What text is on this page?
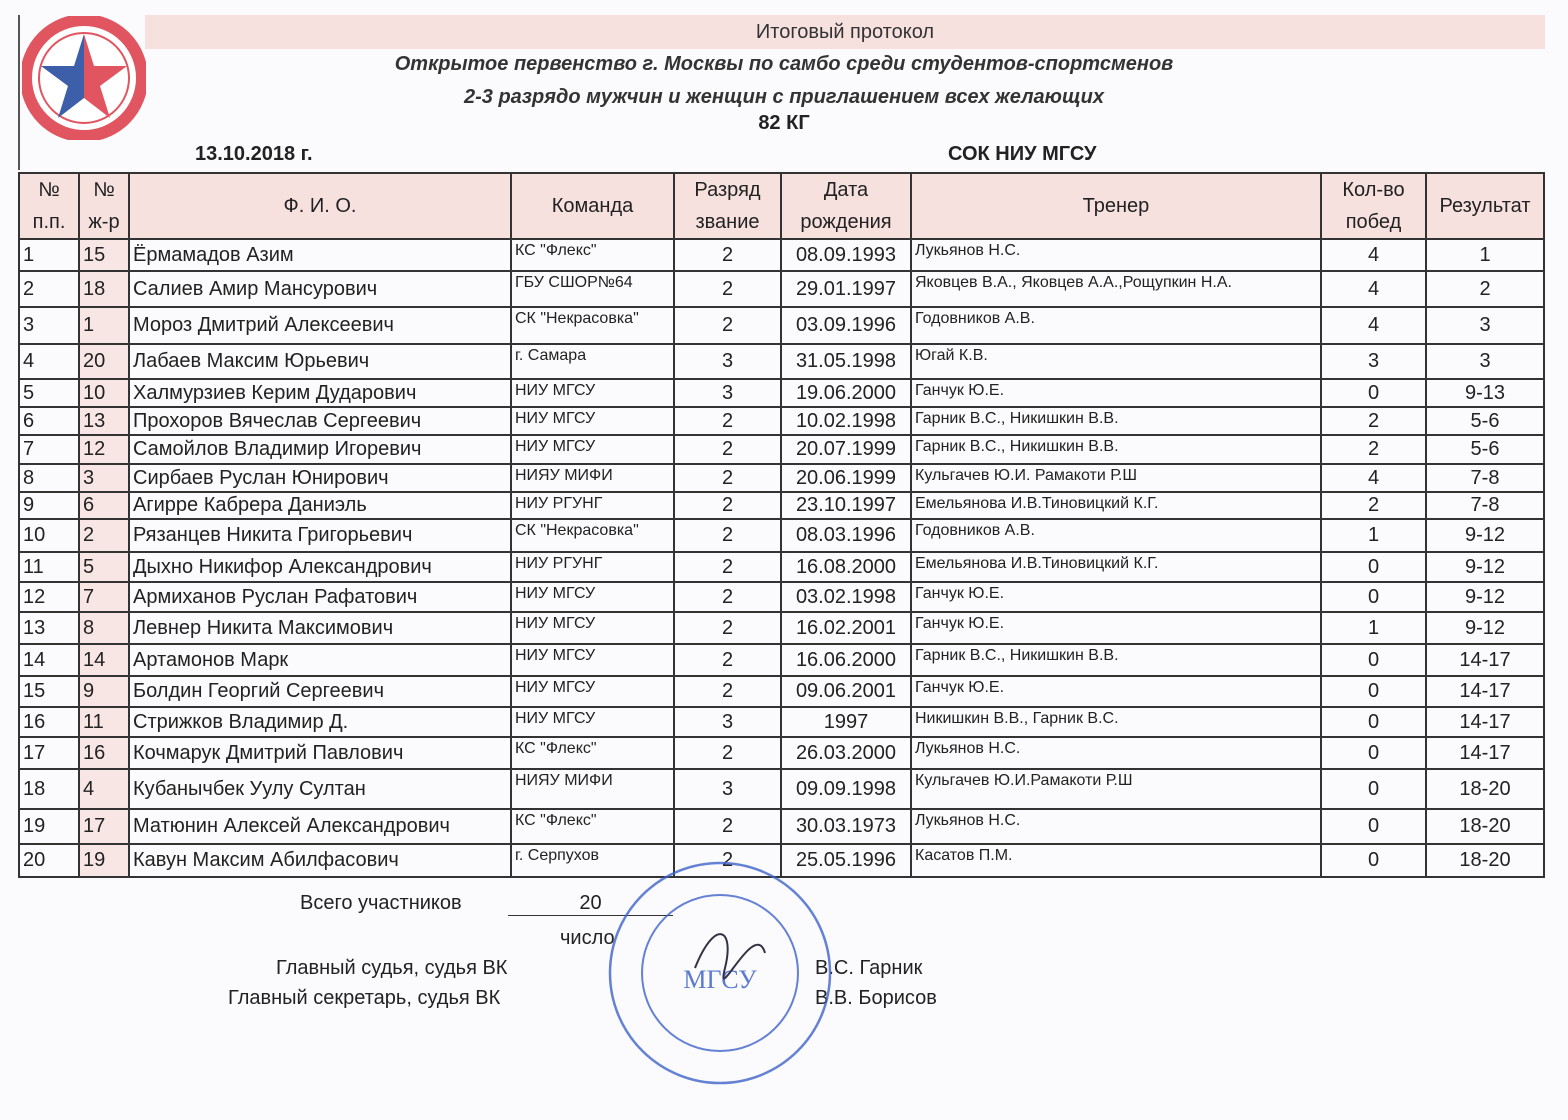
Итоговый протокол
Открытое первенство г. Москвы по самбо среди студентов-спортсменов
2-3 разрядо мужчин и женщин с приглашением всех желающих
82 КГ
13.10.2018 г.	СОК НИУ МГСУ
№ п.п.	№ ж-р	Ф. И. О.	Команда	Разряд звание	Дата рождения	Тренер	Кол-во побед	Результат
1	15	Ёрмамадов Азим	КС "Флекс"	2	08.09.1993	Лукьянов Н.С.	4	1
2	18	Салиев Амир Мансурович	ГБУ СШОР№64	2	29.01.1997	Яковцев В.А., Яковцев А.А.,Рощупкин Н.А.	4	2
3	1	Мороз Дмитрий Алексеевич	СК "Некрасовка"	2	03.09.1996	Годовников А.В.	4	3
4	20	Лабаев Максим Юрьевич	г. Самара	3	31.05.1998	Югай К.В.	3	3
5	10	Халмурзиев Керим Дударович	НИУ МГСУ	3	19.06.2000	Ганчук Ю.Е.	0	9-13
6	13	Прохоров Вячеслав Сергеевич	НИУ МГСУ	2	10.02.1998	Гарник В.С., Никишкин В.В.	2	5-6
7	12	Самойлов Владимир Игоревич	НИУ МГСУ	2	20.07.1999	Гарник В.С., Никишкин В.В.	2	5-6
8	3	Сирбаев Руслан Юнирович	НИЯУ МИФИ	2	20.06.1999	Кульгачев Ю.И. Рамакоти Р.Ш	4	7-8
9	6	Агирре Кабрера Даниэль	НИУ РГУНГ	2	23.10.1997	Емельянова И.В.Тиновицкий К.Г.	2	7-8
10	2	Рязанцев Никита Григорьевич	СК "Некрасовка"	2	08.03.1996	Годовников А.В.	1	9-12
11	5	Дыхно Никифор Александрович	НИУ РГУНГ	2	16.08.2000	Емельянова И.В.Тиновицкий К.Г.	0	9-12
12	7	Армиханов Руслан Рафатович	НИУ МГСУ	2	03.02.1998	Ганчук Ю.Е.	0	9-12
13	8	Левнер Никита Максимович	НИУ МГСУ	2	16.02.2001	Ганчук Ю.Е.	1	9-12
14	14	Артамонов Марк	НИУ МГСУ	2	16.06.2000	Гарник В.С., Никишкин В.В.	0	14-17
15	9	Болдин Георгий Сергеевич	НИУ МГСУ	2	09.06.2001	Ганчук Ю.Е.	0	14-17
16	11	Стрижков Владимир Д.	НИУ МГСУ	3	1997	Никишкин В.В., Гарник В.С.	0	14-17
17	16	Кочмарук Дмитрий Павлович	КС "Флекс"	2	26.03.2000	Лукьянов Н.С.	0	14-17
18	4	Кубанычбек Уулу Султан	НИЯУ МИФИ	3	09.09.1998	Кульгачев Ю.И.Рамакоти Р.Ш	0	18-20
19	17	Матюнин Алексей Александрович	КС "Флекс"	2	30.03.1973	Лукьянов Н.С.	0	18-20
20	19	Кавун Максим Абилфасович	г. Серпухов	2	25.05.1996	Касатов П.М.	0	18-20
Всего участников	20
число
Главный судья, судья ВК	В.С. Гарник
Главный секретарь, судья ВК	В.В. Борисов
МГСУ
